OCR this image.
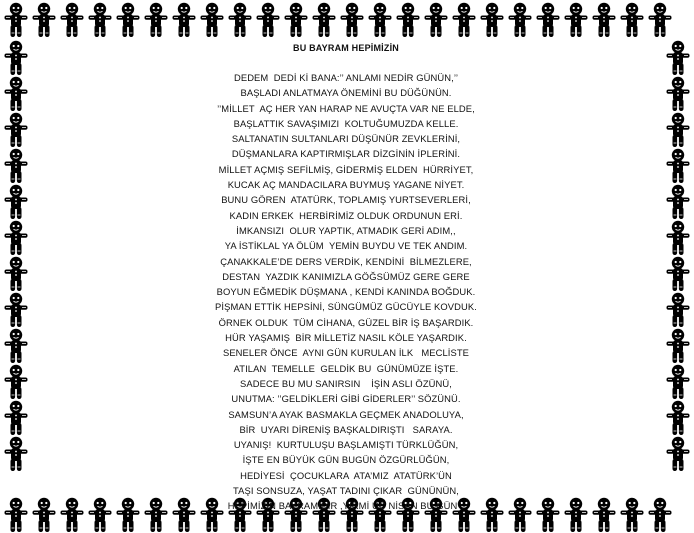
BU BAYRAM HEPİMİZİN
DEDEM  DEDİ Kİ BANA:’’ ANLAMI NEDİR GÜNÜN,’’
BAŞLADI ANLATMAYA ÖNEMİNİ BU DÜĞÜNÜN.
’’MİLLET  AÇ HER YAN HARAP NE AVUÇTA VAR NE ELDE,
BAŞLATTIK SAVAŞIMIZI  KOLTUĞUMUZDA KELLE.
SALTANATIN SULTANLARI DÜŞÜNÜR ZEVKLERİNİ,
DÜŞMANLARA KAPTIRMIŞLAR DİZGİNİN İPLERİNİ.
MİLLET AÇMIŞ SEFİLMİŞ, GİDERMİŞ ELDEN  HÜRRİYET,
KUCAK AÇ MANDACILARA BUYMUŞ YAGANE NİYET.
BUNU GÖREN  ATATÜRK, TOPLAMIŞ YURTSEVERLERİ,
KADIN ERKEK  HERBİRİMİZ OLDUK ORDUNUN ERİ.
İMKANSIZI  OLUR YAPTIK, ATMADIK GERİ ADIM,,
YA İSTİKLAL YA ÖLÜM  YEMİN BUYDU VE TEK ANDIM.
ÇANAKKALE’DE DERS VERDİK, KENDİNİ  BİLMEZLERE,
DESTAN  YAZDIK KANIMIZLA GÖĞSÜMÜZ GERE GERE
BOYUN EĞMEDİK DÜŞMANA , KENDİ KANINDA BOĞDUK.
PİŞMAN ETTİK HEPSİNİ, SÜNGÜMÜZ GÜCÜYLE KOVDUK.
ÖRNEK OLDUK  TÜM CİHANA, GÜZEL BİR İŞ BAŞARDIK.
HÜR YAŞAMIŞ  BİR MİLLETİZ NASIL KÖLE YAŞARDIK.
SENELER ÖNCE  AYNI GÜN KURULAN İLK   MECLİSTE
ATILAN  TEMELLE  GELDİK BU  GÜNÜMÜZE İŞTE.
SADECE BU MU SANIRSIN    İŞİN ASLI ÖZÜNÜ,
UNUTMA: ’’GELDİKLERİ GİBİ GİDERLER’’ SÖZÜNÜ.
SAMSUN’A AYAK BASMAKLA GEÇMEK ANADOLUYA,
BİR  UYARI DİRENİŞ BAŞKALDIRIŞTI   SARAYA.
UYANIŞ!  KURTULUŞU BAŞLAMIŞTI TÜRKLÜĞÜN,
İŞTE EN BÜYÜK GÜN BUGÜN ÖZGÜRLÜĞÜN,
HEDİYESİ  ÇOCUKLARA  ATA’MIZ  ATATÜRK’ÜN
TAŞI SONSUZA, YAŞAT TADINI ÇIKAR  GÜNÜNÜN,
HEPİMİZİN BAYRAMIDIR ,YİRMİ ÜÇ NİSAN BU GÜN’’.
